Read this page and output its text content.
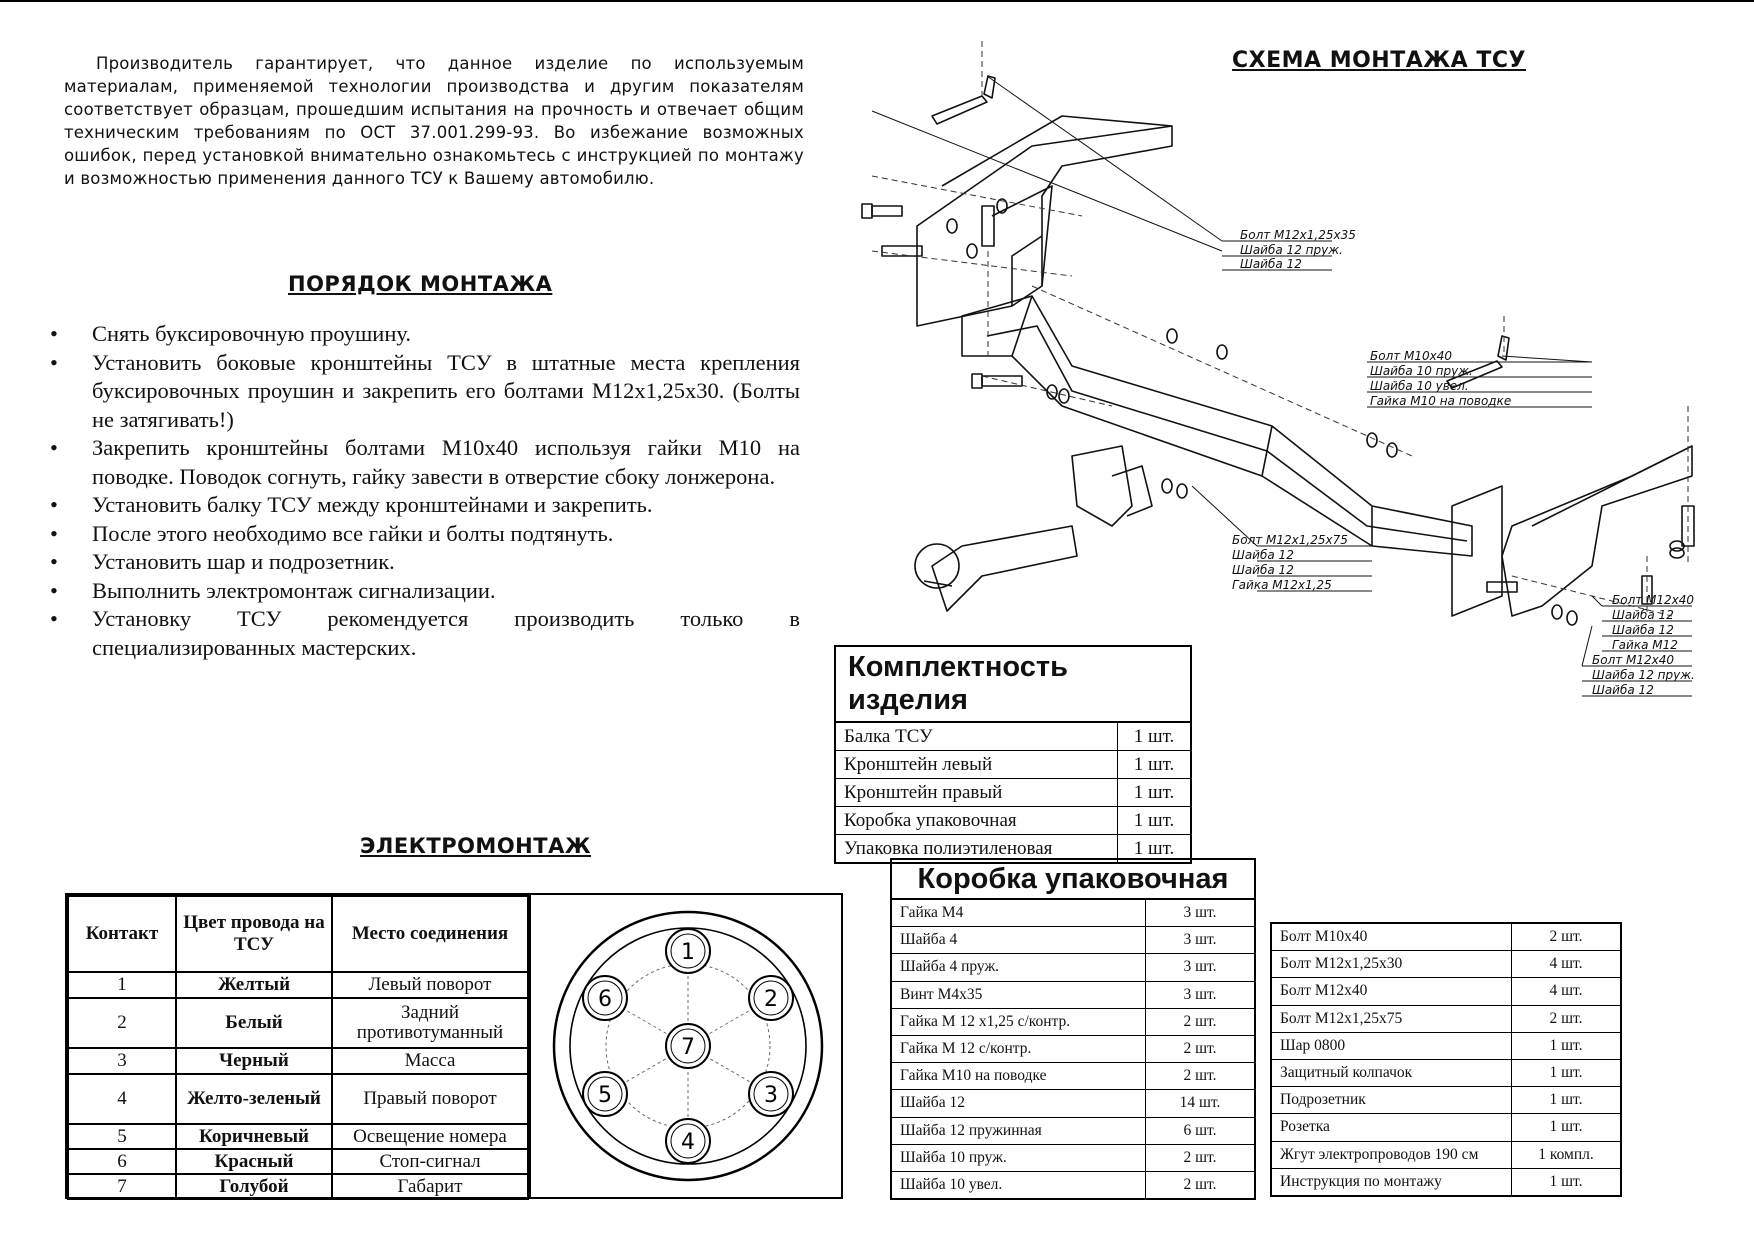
Производитель гарантирует, что данное изделие по используемым материалам, применяемой технологии производства и другим показателям соответствует образцам, прошедшим испытания на прочность и отвечает общим техническим требованиям по ОСТ 37.001.299-93. Во избежание возможных ошибок, перед установкой внимательно ознакомьтесь с инструкцией по монтажу и возможностью применения данного ТСУ к Вашему автомобилю.
ПОРЯДОК МОНТАЖА
СХЕМА МОНТАЖА ТСУ
ЭЛЕКТРОМОНТАЖ
• Снять буксировочную проушину.
• Установить боковые кронштейны ТСУ в штатные места крепления буксировочных проушин и закрепить его болтами М12х1,25х30. (Болты не затягивать!)
• Закрепить кронштейны болтами М10х40 используя гайки М10 на поводке. Поводок согнуть, гайку завести в отверстие сбоку лонжерона.
• Установить балку ТСУ между кронштейнами и закрепить.
• После этого необходимо все гайки и болты подтянуть.
• Установить шар и подрозетник.
• Выполнить электромонтаж сигнализации.
• Установку ТСУ рекомендуется производить только в специализированных мастерских.
Болт М12х1,25х35
Шайба 12 пруж.
Шайба 12
Болт М10х40
Шайба 10 пруж.
Шайба 10 увел.
Гайка М10 на поводке
Болт М12х1,25х75
Шайба 12
Шайба 12
Гайка М12х1,25
Болт М12х40
Шайба 12
Шайба 12
Гайка М12
Болт М12х40
Шайба 12 пруж.
Шайба 12
Комплектность изделия	
Балка ТСУ	1 шт.
Кронштейн левый	1 шт.
Кронштейн правый	1 шт.
Коробка упаковочная	1 шт.
Упаковка полиэтиленовая	1 шт.
Коробка упаковочная	
Гайка М4	3 шт.
Шайба 4	3 шт.
Шайба 4 пруж.	3 шт.
Винт М4х35	3 шт.
Гайка М 12 х1,25 с/контр.	2 шт.
Гайка М 12 с/контр.	2 шт.
Гайка М10 на поводке	2 шт.
Шайба 12	14 шт.
Шайба 12 пружинная	6 шт.
Шайба 10 пруж.	2 шт.
Шайба 10 увел.	2 шт.
Болт М10х40	2 шт.
Болт М12х1,25х30	4 шт.
Болт М12х40	4 шт.
Болт М12х1,25х75	2 шт.
Шар 0800	1 шт.
Защитный колпачок	1 шт.
Подрозетник	1 шт.
Розетка	1 шт.
Жгут электропроводов 190 см	1 компл.
Инструкция по монтажу	1 шт.
Контакт	Цвет провода на ТСУ	Место соединения
1	Желтый	Левый поворот
2	Белый	Задний противотуманный
3	Черный	Масса
4	Желто-зеленый	Правый поворот
5	Коричневый	Освещение номера
6	Красный	Стоп-сигнал
7	Голубой	Габарит
1
2
3
4
5
6
7
